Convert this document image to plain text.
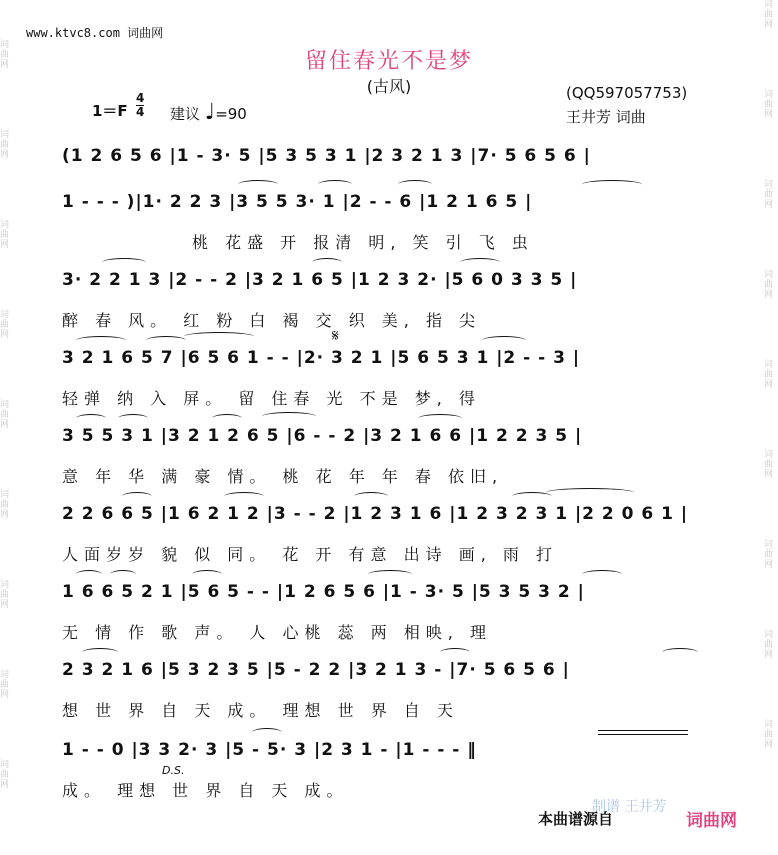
词曲网
词曲网
词曲网
词曲网
词曲网
词曲网
词曲网
词曲网
词曲网
词曲网
词曲网
词曲网
词曲网
词曲网
词曲网
词曲网
词曲网
词曲网
www.ktvc8.com 词曲网
留住春光不是梦
(古风)	(QQ597057753)
王井芳 词曲
1＝F
4
4 建议 ♩=90
(1 2 6 5 6 |1 - 3· 5 |5 3 5 3 1 |2 3 2 1 3 |7· 5 6 5 6 |
1 - - - )|1· 2 2 3 |3 5 5 3· 1 |2 - - 6 |1 2 1 6 5 |
桃 花盛 开 报清 明, 笑 引 飞 虫
3· 2 2 1 3 |2 - - 2 |3 2 1 6 5 |1 2 3 2· |5 6 0 3 3 5 |
醉 春 风。 红 粉 白 褐 交 织 美, 指 尖
𝄋
3 2 1 6 5 7 |6 5 6 1 - - |2· 3 2 1 |5 6 5 3 1 |2 - - 3 |
轻弹 纳 入 屏。 留 住春 光 不是 梦, 得
3 5 5 3 1 |3 2 1 2 6 5 |6 - - 2 |3 2 1 6 6 |1 2 2 3 5 |
意 年 华 满 豪 情。 桃 花 年 年 春 依旧,
2 2 6 6 5 |1 6 2 1 2 |3 - - 2 |1 2 3 1 6 |1 2 3 2 3 1 |2 2 0 6 1 |
人面岁岁 貌 似 同。 花 开 有意 出诗 画, 雨 打
1 6 6 5 2 1 |5 6 5 - - |1 2 6 5 6 |1 - 3· 5 |5 3 5 3 2 |
无 情 作 歌 声。 人 心桃 蕊 两 相映, 理
2 3 2 1 6 |5 3 2 3 5 |5 - 2 2 |3 2 1 3 - |7· 5 6 5 6 |
想 世 界 自 天 成。 理想 世 界 自 天
D.S.
1 - - 0 |3 3 2· 3 |5 - 5· 3 |2 3 1 - |1 - - - ‖
成。 理想 世 界 自 天 成。
制谱 王井芳
本曲谱源自	词曲网
